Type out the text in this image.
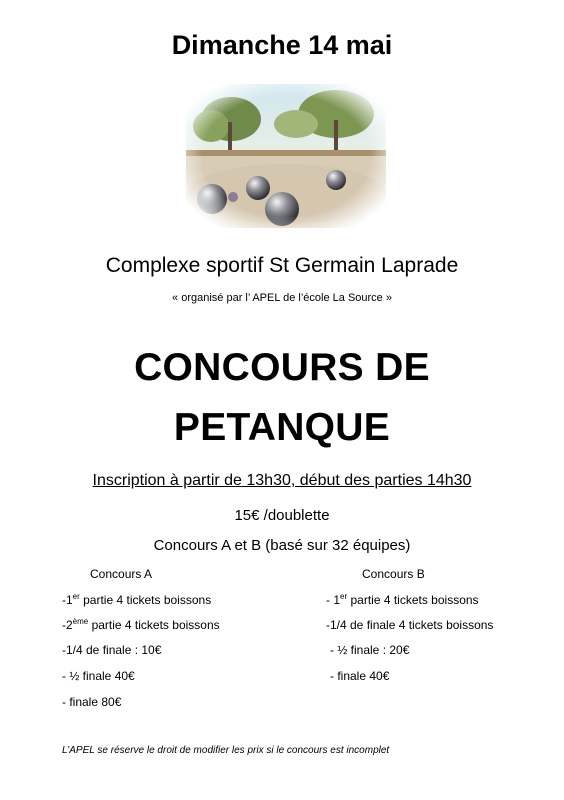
Dimanche 14 mai
Complexe sportif St Germain Laprade
« organisé par l’ APEL de l’école La Source »
CONCOURS DE
PETANQUE
Inscription à partir de 13h30, début des parties 14h30
15€ /doublette
Concours A et B (basé sur 32 équipes)
Concours A	Concours B
-1er partie 4 tickets boissons
-2ème partie 4 tickets boissons
-1/4 de finale : 10€
- ½ finale 40€
- finale 80€
- 1er partie 4 tickets boissons
-1/4 de finale 4 tickets boissons
- ½ finale : 20€
- finale 40€
L’APEL se réserve le droit de modifier les prix si le concours est incomplet
